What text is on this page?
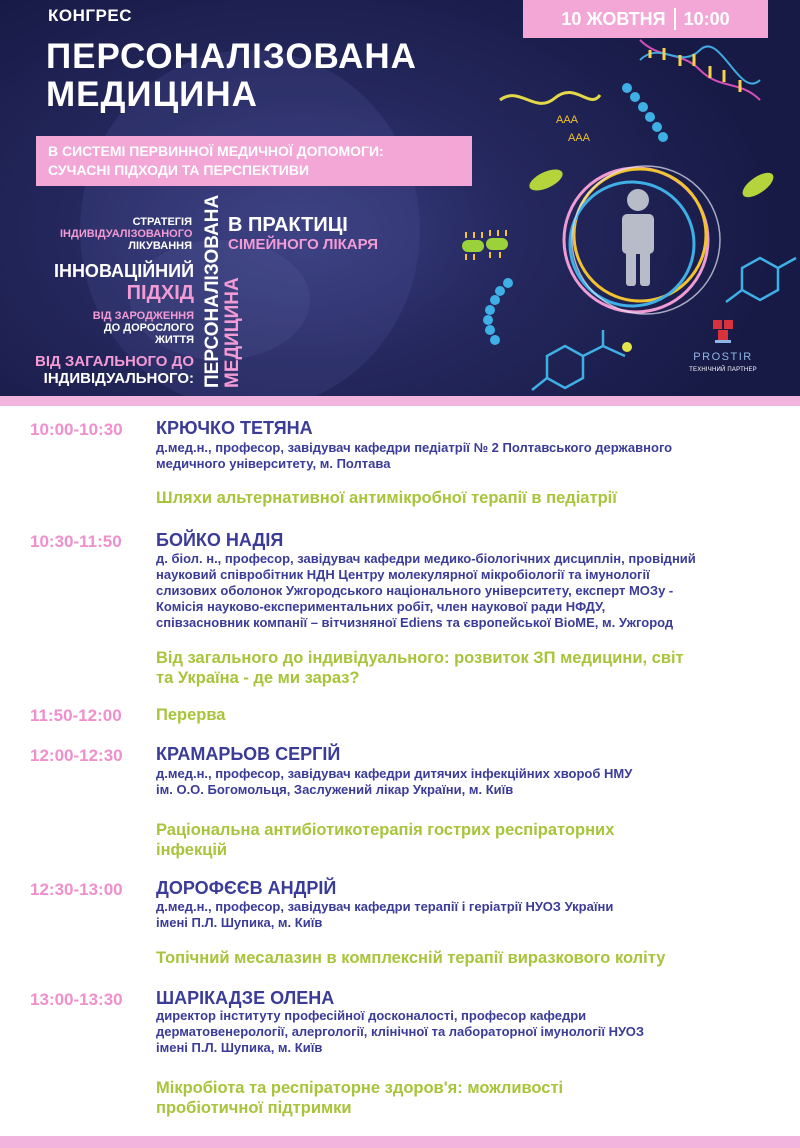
AAA
AAA
КОНГРЕС
ПЕРСОНАЛІЗОВАНА
МЕДИЦИНА
10 ЖОВТНЯ 10:00
В СИСТЕМІ ПЕРВИННОЇ МЕДИЧНОЇ ДОПОМОГИ:
СУЧАСНІ ПІДХОДИ ТА ПЕРСПЕКТИВИ
СТРАТЕГІЯ
ІНДИВІДУАЛІЗОВАНОГО
ЛІКУВАННЯ
ІННОВАЦІЙНИЙ
ПІДХІД
ВІД ЗАРОДЖЕННЯ
ДО ДОРОСЛОГО
ЖИТТЯ
ВІД ЗАГАЛЬНОГО ДО
ІНДИВІДУАЛЬНОГО: ПЕРСОНАЛІЗОВАНА МЕДИЦИНА
В ПРАКТИЦІ
СІМЕЙНОГО ЛІКАРЯ
PROSTIR
ТЕХНІЧНИЙ ПАРТНЕР
10:00-10:30	КРЮЧКО ТЕТЯНА
д.мед.н., професор, завідувач кафедри педіатрії № 2 Полтавського державного
медичного університету, м. Полтава
Шляхи альтернативної антимікробної терапії в педіатрії
10:30-11:50	БОЙКО НАДІЯ
д. біол. н., професор, завідувач кафедри медико-біологічних дисциплін, провідний
науковий співробітник НДН Центру молекулярної мікробіології та імунології
слизових оболонок Ужгородського національного університету, експерт МОЗу -
Комісія науково-експериментальних робіт, член наукової ради НФДУ,
співзасновник компанії – вітчизняної Ediens та європейської BioME, м. Ужгород
Від загального до індивідуального: розвиток ЗП медицини, світ
та Україна - де ми зараз?
11:50-12:00	Перерва
12:00-12:30	КРАМАРЬОВ СЕРГІЙ
д.мед.н., професор, завідувач кафедри дитячих інфекційних хвороб НМУ
ім. О.О. Богомольця, Заслужений лікар України, м. Київ
Раціональна антибіотикотерапія гострих респіраторних
інфекцій
12:30-13:00	ДОРОФЄЄВ АНДРІЙ
д.мед.н., професор, завідувач кафедри терапії і геріатрії НУОЗ України
імені П.Л. Шупика, м. Київ
Топічний месалазин в комплексній терапії виразкового коліту
13:00-13:30	ШАРІКАДЗЕ ОЛЕНА
директор інституту професійної досконалості, професор кафедри
дерматовенерології, алергології, клінічної та лабораторної імунології НУОЗ
імені П.Л. Шупика, м. Київ
Мікробіота та респіраторне здоров'я: можливості
пробіотичної підтримки
